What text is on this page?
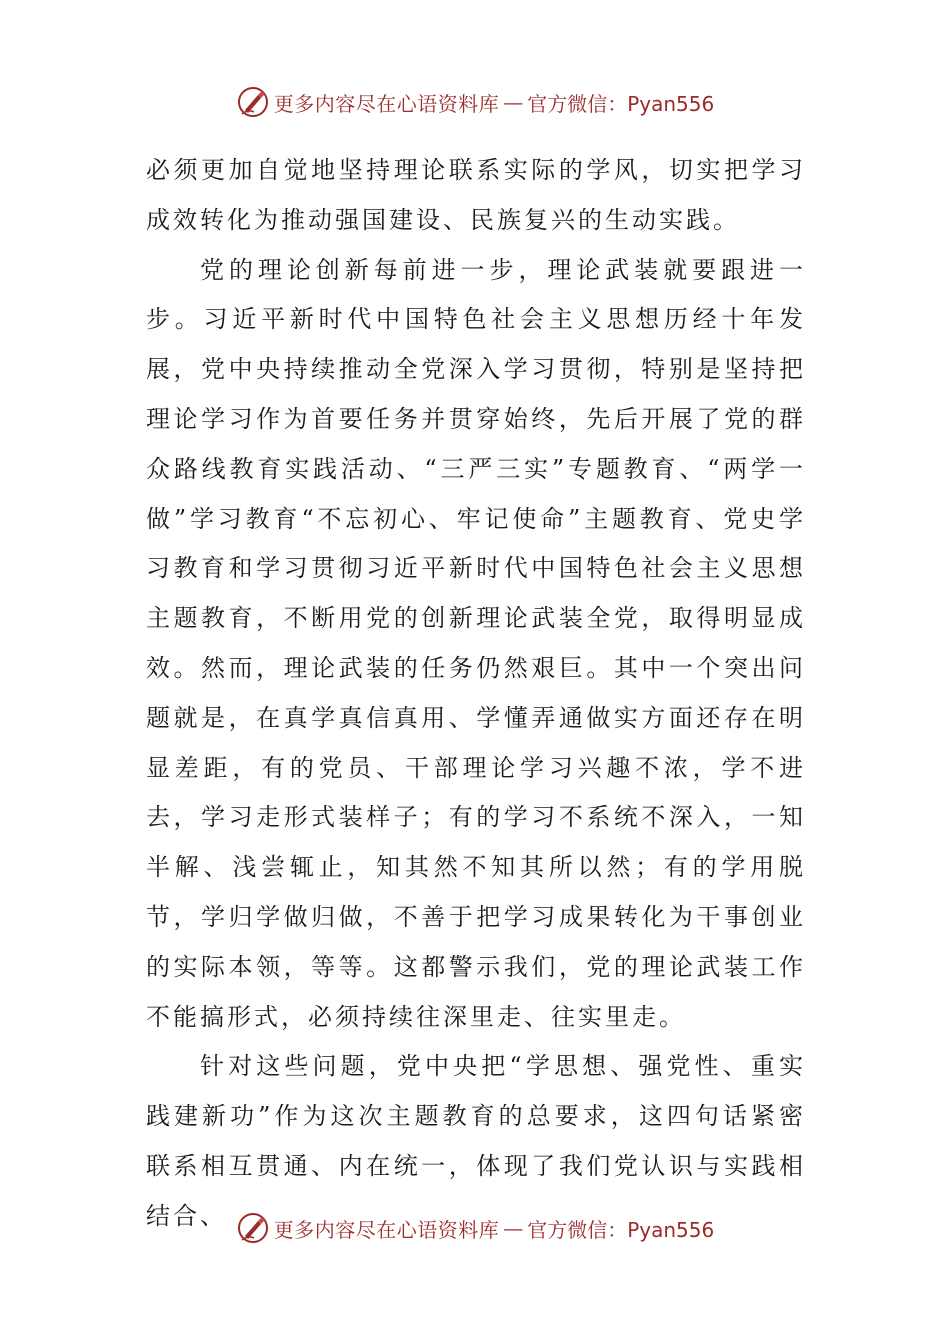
更多内容尽在心语资料库 — 官方微信：Pyan556

必须更加自觉地坚持理论联系实际的学风，切实把学习成效转化为推动强国建设、民族复兴的生动实践。

党的理论创新每前进一步，理论武装就要跟进一步。习近平新时代中国特色社会主义思想历经十年发展，党中央持续推动全党深入学习贯彻，特别是坚持把理论学习作为首要任务并贯穿始终，先后开展了党的群众路线教育实践活动、“三严三实”专题教育、“两学一做”学习教育“不忘初心、牢记使命”主题教育、党史学习教育和学习贯彻习近平新时代中国特色社会主义思想主题教育，不断用党的创新理论武装全党，取得明显成效。然而，理论武装的任务仍然艰巨。其中一个突出问题就是，在真学真信真用、学懂弄通做实方面还存在明显差距，有的党员、干部理论学习兴趣不浓，学不进去，学习走形式装样子；有的学习不系统不深入，一知半解、浅尝辄止，知其然不知其所以然；有的学用脱节，学归学做归做，不善于把学习成果转化为干事创业的实际本领，等等。这都警示我们，党的理论武装工作不能搞形式，必须持续往深里走、往实里走。

针对这些问题，党中央把“学思想、强党性、重实践建新功”作为这次主题教育的总要求，这四句话紧密联系相互贯通、内在统一，体现了我们党认识与实践相结合、	更多内容尽在心语资料库 — 官方微信：Pyan556
